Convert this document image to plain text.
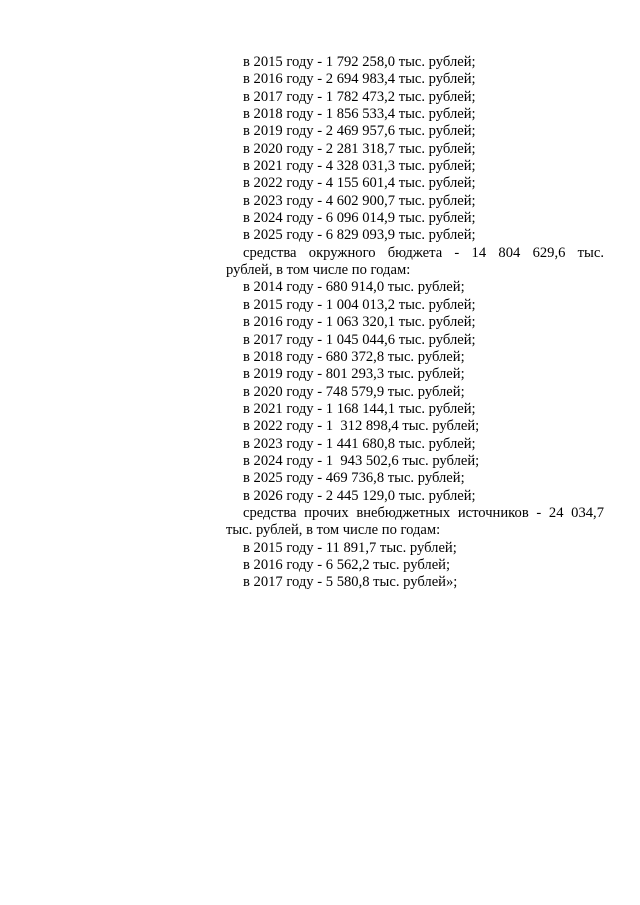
в 2015 году - 1 792 258,0 тыс. рублей;

в 2016 году - 2 694 983,4 тыс. рублей;

в 2017 году - 1 782 473,2 тыс. рублей;

в 2018 году - 1 856 533,4 тыс. рублей;

в 2019 году - 2 469 957,6 тыс. рублей;

в 2020 году - 2 281 318,7 тыс. рублей;

в 2021 году - 4 328 031,3 тыс. рублей;

в 2022 году - 4 155 601,4 тыс. рублей;

в 2023 году - 4 602 900,7 тыс. рублей;

в 2024 году - 6 096 014,9 тыс. рублей;

в 2025 году - 6 829 093,9 тыс. рублей;

средства окружного бюджета - 14 804 629,6 тыс.

рублей, в том числе по годам:

в 2014 году - 680 914,0 тыс. рублей;

в 2015 году - 1 004 013,2 тыс. рублей;

в 2016 году - 1 063 320,1 тыс. рублей;

в 2017 году - 1 045 044,6 тыс. рублей;

в 2018 году - 680 372,8 тыс. рублей;

в 2019 году - 801 293,3 тыс. рублей;

в 2020 году - 748 579,9 тыс. рублей;

в 2021 году - 1 168 144,1 тыс. рублей;

в 2022 году - 1  312 898,4 тыс. рублей;

в 2023 году - 1 441 680,8 тыс. рублей;

в 2024 году - 1  943 502,6 тыс. рублей;

в 2025 году - 469 736,8 тыс. рублей;

в 2026 году - 2 445 129,0 тыс. рублей;

средства прочих внебюджетных источников - 24 034,7

тыс. рублей, в том числе по годам:

в 2015 году - 11 891,7 тыс. рублей;

в 2016 году - 6 562,2 тыс. рублей;

в 2017 году - 5 580,8 тыс. рублей»;
